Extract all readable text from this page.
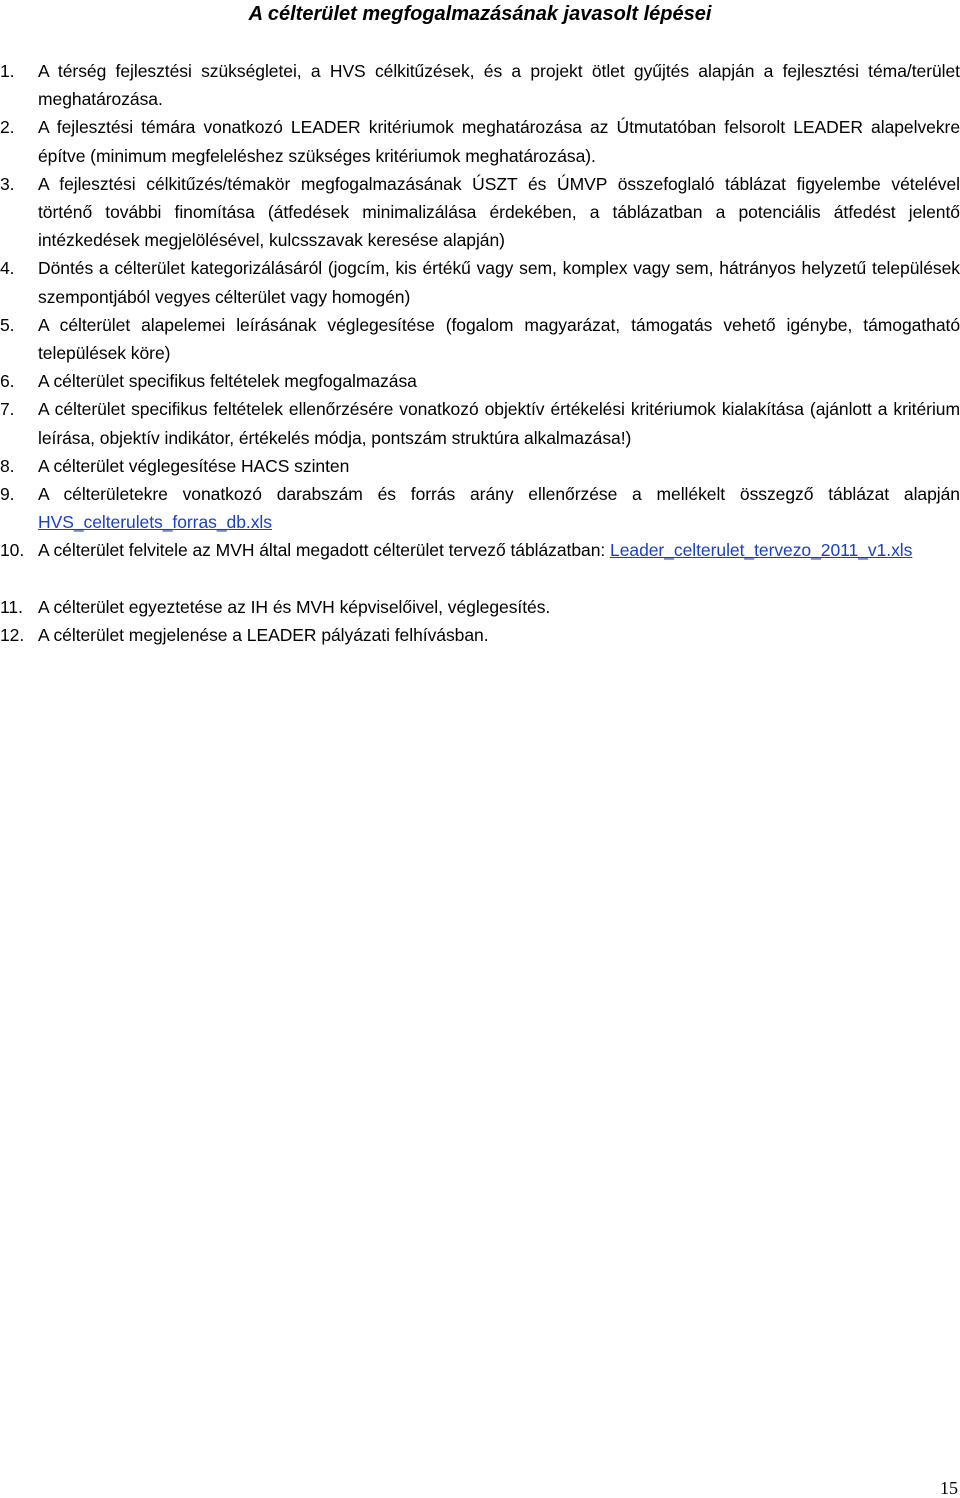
A célterület megfogalmazásának javasolt lépései
1. A térség fejlesztési szükségletei, a HVS célkitűzések, és a projekt ötlet gyűjtés alapján a fejlesztési téma/terület meghatározása.
2. A fejlesztési témára vonatkozó LEADER kritériumok meghatározása az Útmutatóban felsorolt LEADER alapelvekre építve (minimum megfeleléshez szükséges kritériumok meghatározása).
3. A fejlesztési célkitűzés/témakör megfogalmazásának ÚSZT és ÚMVP összefoglaló táblázat figyelembe vételével történő további finomítása (átfedések minimalizálása érdekében, a táblázatban a potenciális átfedést jelentő intézkedések megjelölésével, kulcsszavak keresése alapján)
4. Döntés a célterület kategorizálásáról (jogcím, kis értékű vagy sem, komplex vagy sem, hátrányos helyzetű települések szempontjából vegyes célterület vagy homogén)
5. A célterület alapelemei leírásának véglegesítése (fogalom magyarázat, támogatás vehető igénybe, támogatható települések köre)
6. A célterület specifikus feltételek megfogalmazása
7. A célterület specifikus feltételek ellenőrzésére vonatkozó objektív értékelési kritériumok kialakítása (ajánlott a kritérium leírása, objektív indikátor, értékelés módja, pontszám struktúra alkalmazása!)
8. A célterület véglegesítése HACS szinten
9. A célterületekre vonatkozó darabszám és forrás arány ellenőrzése a mellékelt összegző táblázat alapján HVS_celterulets_forras_db.xls
10. A célterület felvitele az MVH által megadott célterület tervező táblázatban: Leader_celterulet_tervezo_2011_v1.xls
11. A célterület egyeztetése az IH és MVH képviselőivel, véglegesítés.
12. A célterület megjelenése a LEADER pályázati felhívásban.
15
